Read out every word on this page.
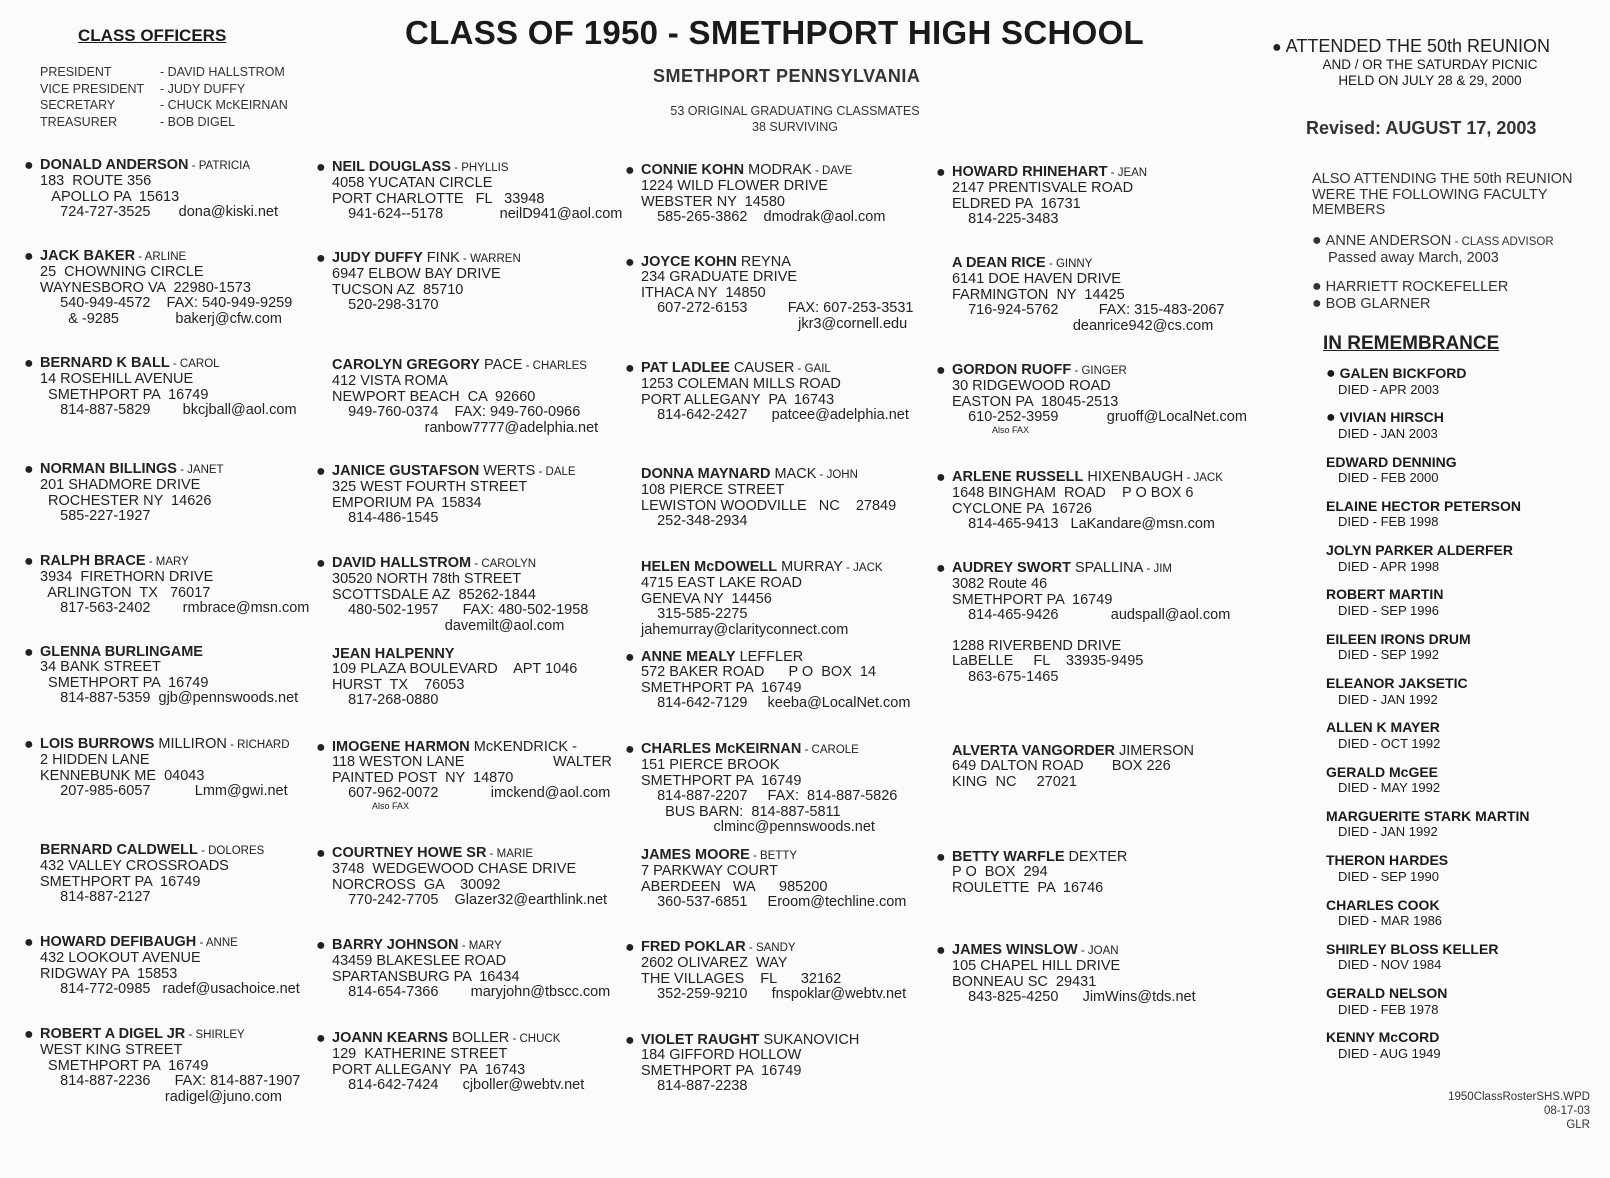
CLASS OF 1950 - SMETHPORT HIGH SCHOOL
SMETHPORT PENNSYLVANIA
53 ORIGINAL GRADUATING CLASSMATES
38 SURVIVING
CLASS OFFICERS
PRESIDENT	- DAVID HALLSTROM
VICE PRESIDENT	- JUDY DUFFY
SECRETARY	- CHUCK McKEIRNAN
TREASURER	- BOB DIGEL
● ATTENDED THE 50th REUNION
AND / OR THE SATURDAY PICNIC
HELD ON JULY 28 & 29, 2000
Revised: AUGUST 17, 2003
ALSO ATTENDING THE 50th REUNION WERE THE FOLLOWING FACULTY MEMBERS
● ANNE ANDERSON - CLASS ADVISOR
Passed away March, 2003
● HARRIETT ROCKEFELLER
● BOB GLARNER
IN REMEMBRANCE
● GALEN BICKFORD
DIED - APR 2003
● VIVIAN HIRSCH
DIED - JAN 2003
EDWARD DENNING
DIED - FEB 2000
ELAINE HECTOR PETERSON
DIED - FEB 1998
JOLYN PARKER ALDERFER
DIED - APR 1998
ROBERT MARTIN
DIED - SEP 1996
EILEEN IRONS DRUM
DIED - SEP 1992
ELEANOR JAKSETIC
DIED - JAN 1992
ALLEN K MAYER
DIED - OCT 1992
GERALD McGEE
DIED - MAY 1992
MARGUERITE STARK MARTIN
DIED - JAN 1992
THERON HARDES
DIED - SEP 1990
CHARLES COOK
DIED - MAR 1986
SHIRLEY BLOSS KELLER
DIED - NOV 1984
GERALD NELSON
DIED - FEB 1978
KENNY McCORD
DIED - AUG 1949
1950ClassRosterSHS.WPD
08-17-03
GLR
● DONALD ANDERSON - PATRICIA
183  ROUTE 356
APOLLO PA  15613
724-727-3525       dona@kiski.net
● JACK BAKER - ARLINE
25  CHOWNING CIRCLE
WAYNESBORO VA  22980-1573
540-949-4572    FAX: 540-949-9259
& -9285              bakerj@cfw.com
● BERNARD K BALL - CAROL
14 ROSEHILL AVENUE
SMETHPORT PA  16749
814-887-5829        bkcjball@aol.com
● NORMAN BILLINGS - JANET
201 SHADMORE DRIVE
ROCHESTER NY  14626
585-227-1927
● RALPH BRACE - MARY
3934  FIRETHORN DRIVE
ARLINGTON  TX   76017
817-563-2402        rmbrace@msn.com
● GLENNA BURLINGAME
34 BANK STREET
SMETHPORT PA  16749
814-887-5359  gjb@pennswoods.net
● LOIS BURROWS MILLIRON - RICHARD
2 HIDDEN LANE
KENNEBUNK ME  04043
207-985-6057           Lmm@gwi.net
BERNARD CALDWELL - DOLORES
432 VALLEY CROSSROADS
SMETHPORT PA  16749
814-887-2127
● HOWARD DEFIBAUGH - ANNE
432 LOOKOUT AVENUE
RIDGWAY PA  15853
814-772-0985   radef@usachoice.net
● ROBERT A DIGEL JR - SHIRLEY
WEST KING STREET
SMETHPORT PA  16749
814-887-2236      FAX: 814-887-1907
radigel@juno.com
● NEIL DOUGLASS - PHYLLIS
4058 YUCATAN CIRCLE
PORT CHARLOTTE   FL   33948
941-624--5178              neilD941@aol.com
● JUDY DUFFY FINK - WARREN
6947 ELBOW BAY DRIVE
TUCSON AZ  85710
520-298-3170
CAROLYN GREGORY PACE - CHARLES
412 VISTA ROMA
NEWPORT BEACH  CA  92660
949-760-0374    FAX: 949-760-0966
ranbow7777@adelphia.net
● JANICE GUSTAFSON WERTS - DALE
325 WEST FOURTH STREET
EMPORIUM PA  15834
814-486-1545
● DAVID HALLSTROM - CAROLYN
30520 NORTH 78th STREET
SCOTTSDALE AZ  85262-1844
480-502-1957      FAX: 480-502-1958
davemilt@aol.com
JEAN HALPENNY
109 PLAZA BOULEVARD    APT 1046
HURST  TX    76053
817-268-0880
● IMOGENE HARMON McKENDRICK -
118 WESTON LANE                      WALTER
PAINTED POST  NY  14870
607-962-0072             imckend@aol.com
Also FAX
● COURTNEY HOWE SR - MARIE
3748  WEDGEWOOD CHASE DRIVE
NORCROSS  GA    30092
770-242-7705    Glazer32@earthlink.net
● BARRY JOHNSON - MARY
43459 BLAKESLEE ROAD
SPARTANSBURG PA  16434
814-654-7366        maryjohn@tbscc.com
● JOANN KEARNS BOLLER - CHUCK
129  KATHERINE STREET
PORT ALLEGANY  PA  16743
814-642-7424      cjboller@webtv.net
● CONNIE KOHN MODRAK - DAVE
1224 WILD FLOWER DRIVE
WEBSTER NY  14580
585-265-3862    dmodrak@aol.com
● JOYCE KOHN REYNA
234 GRADUATE DRIVE
ITHACA NY  14850
607-272-6153          FAX: 607-253-3531
jkr3@cornell.edu
● PAT LADLEE CAUSER - GAIL
1253 COLEMAN MILLS ROAD
PORT ALLEGANY  PA  16743
814-642-2427      patcee@adelphia.net
DONNA MAYNARD MACK - JOHN
108 PIERCE STREET
LEWISTON WOODVILLE   NC    27849
252-348-2934
HELEN McDOWELL MURRAY - JACK
4715 EAST LAKE ROAD
GENEVA NY  14456
315-585-2275
jahemurray@clarityconnect.com
● ANNE MEALY LEFFLER
572 BAKER ROAD      P O  BOX  14
SMETHPORT PA  16749
814-642-7129     keeba@LocalNet.com
● CHARLES McKEIRNAN - CAROLE
151 PIERCE BROOK
SMETHPORT PA  16749
814-887-2207     FAX:  814-887-5826
BUS BARN:  814-887-5811
clminc@pennswoods.net
JAMES MOORE - BETTY
7 PARKWAY COURT
ABERDEEN   WA      985200
360-537-6851     Eroom@techline.com
● FRED POKLAR - SANDY
2602 OLIVAREZ  WAY
THE VILLAGES    FL      32162
352-259-9210      fnspoklar@webtv.net
● VIOLET RAUGHT SUKANOVICH
184 GIFFORD HOLLOW
SMETHPORT PA  16749
814-887-2238
● HOWARD RHINEHART - JEAN
2147 PRENTISVALE ROAD
ELDRED PA  16731
814-225-3483
A DEAN RICE - GINNY
6141 DOE HAVEN DRIVE
FARMINGTON  NY  14425
716-924-5762          FAX: 315-483-2067
deanrice942@cs.com
● GORDON RUOFF - GINGER
30 RIDGEWOOD ROAD
EASTON PA  18045-2513
610-252-3959            gruoff@LocalNet.com
Also FAX
● ARLENE RUSSELL HIXENBAUGH - JACK
1648 BINGHAM  ROAD    P O BOX 6
CYCLONE PA  16726
814-465-9413   LaKandare@msn.com
● AUDREY SWORT SPALLINA - JIM
3082 Route 46
SMETHPORT PA  16749
814-465-9426             audspall@aol.com

1288 RIVERBEND DRIVE
LaBELLE     FL    33935-9495
863-675-1465
ALVERTA VANGORDER JIMERSON
649 DALTON ROAD       BOX 226
KING  NC     27021
● BETTY WARFLE DEXTER
P O  BOX  294
ROULETTE  PA  16746
● JAMES WINSLOW - JOAN
105 CHAPEL HILL DRIVE
BONNEAU SC  29431
843-825-4250      JimWins@tds.net
